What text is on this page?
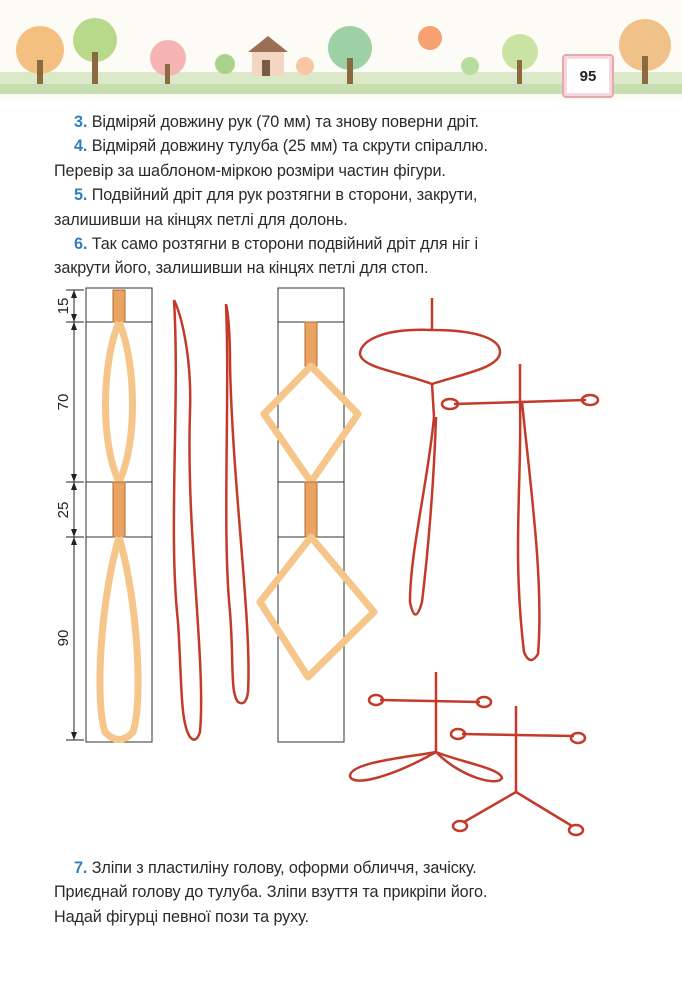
95

3. Відміряй довжину рук (70 мм) та знову поверни дріт.

4. Відміряй довжину тулуба (25 мм) та скрути спіраллю.

Перевір за шаблоном-міркою розміри частин фігури.

5. Подвійний дріт для рук розтягни в сторони, закрути,

залишивши на кінцях петлі для долонь.

6. Так само розтягни в сторони подвійний дріт для ніг і

закрути його, залишивши на кінцях петлі для стоп.

15
70
25
90

7. Зліпи з пластиліну голову, оформи обличчя, зачіску.

Приєднай голову до тулуба. Зліпи взуття та прикріпи його.

Надай фігурці певної пози та руху.
